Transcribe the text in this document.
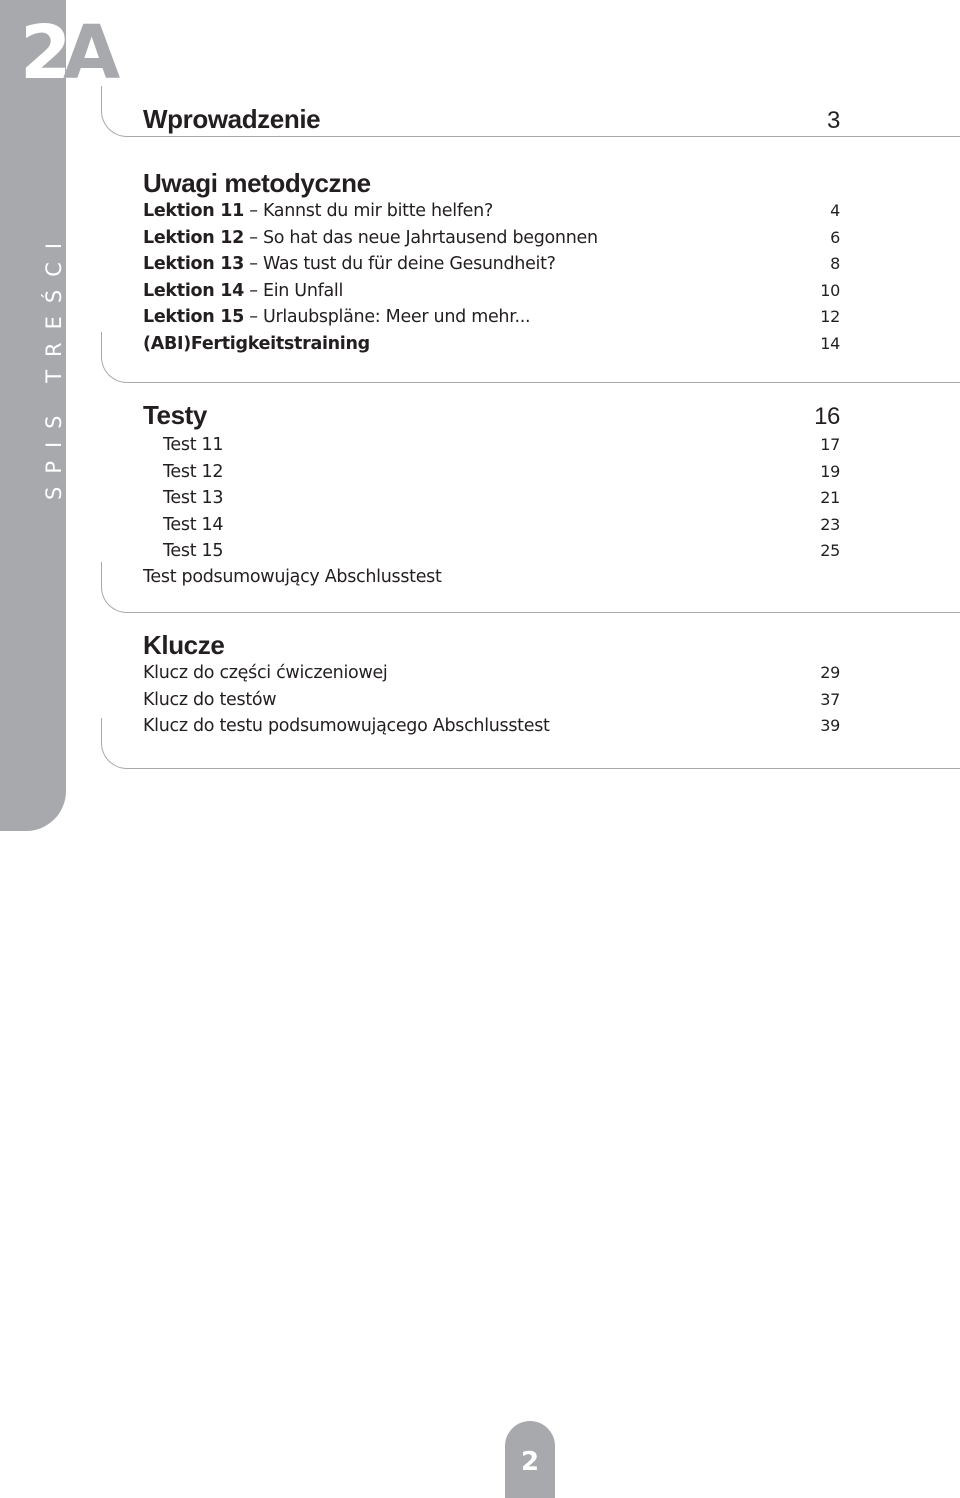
SPIS TREŚCI
2
A
Wprowadzenie	3
Uwagi metodyczne
Lektion 11 – Kannst du mir bitte helfen?	4
Lektion 12 – So hat das neue Jahrtausend begonnen	6
Lektion 13 – Was tust du für deine Gesundheit?	8
Lektion 14 – Ein Unfall	10
Lektion 15 – Urlaubspläne: Meer und mehr...	12
(ABI)Fertigkeitstraining	14
Testy	16
Test 11	17
Test 12	19
Test 13	21
Test 14	23
Test 15	25
Test podsumowujący Abschlusstest
Klucze
Klucz do części ćwiczeniowej	29
Klucz do testów	37
Klucz do testu podsumowującego Abschlusstest	39
2
